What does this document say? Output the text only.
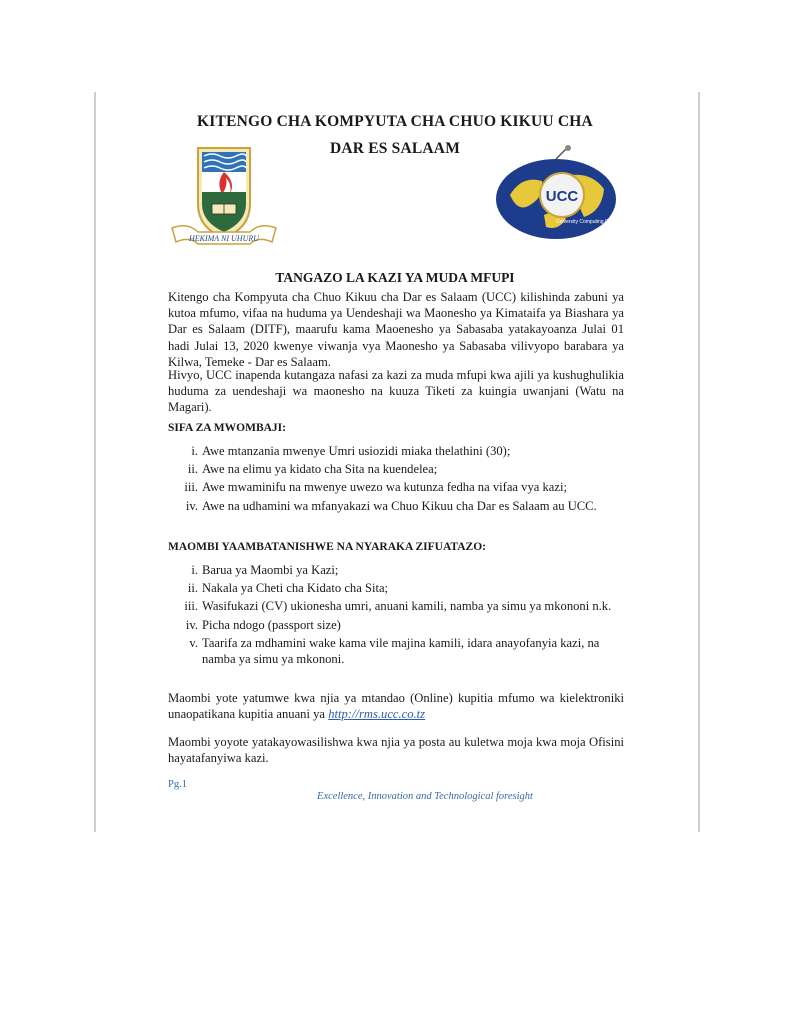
KITENGO CHA KOMPYUTA CHA CHUO KIKUU CHA
DAR ES SALAAM
HEKIMA NI UHURU
UCC
University Computing Centre
TANGAZO LA KAZI YA MUDA MFUPI

Kitengo cha Kompyuta cha Chuo Kikuu cha Dar es Salaam (UCC) kilishinda zabuni ya kutoa mfumo, vifaa na huduma ya Uendeshaji wa Maonesho ya Kimataifa ya Biashara ya Dar es Salaam (DITF), maarufu kama Maoenesho ya Sabasaba yatakayoanza Julai 01 hadi Julai 13, 2020 kwenye viwanja vya Maonesho ya Sabasaba vilivyopo barabara ya Kilwa, Temeke - Dar es Salaam.

Hivyo, UCC inapenda kutangaza nafasi za kazi za muda mfupi kwa ajili ya kushughulikia huduma za uendeshaji wa maonesho na kuuza Tiketi za kuingia uwanjani (Watu na Magari).

SIFA ZA MWOMBAJI:

i. Awe mtanzania mwenye Umri usiozidi miaka thelathini (30);
ii. Awe na elimu ya kidato cha Sita na kuendelea;
iii. Awe mwaminifu na mwenye uwezo wa kutunza fedha na vifaa vya kazi;
iv. Awe na udhamini wa mfanyakazi wa Chuo Kikuu cha Dar es Salaam au UCC.

MAOMBI YAAMBATANISHWE NA NYARAKA ZIFUATAZO:

i. Barua ya Maombi ya Kazi;
ii. Nakala ya Cheti cha Kidato cha Sita;
iii. Wasifukazi (CV) ukionesha umri, anuani kamili, namba ya simu ya mkononi n.k.
iv. Picha ndogo (passport size)
v. Taarifa za mdhamini wake kama vile majina kamili, idara anayofanyia kazi, na namba ya simu ya mkononi.

Maombi yote yatumwe kwa njia ya mtandao (Online) kupitia mfumo wa kielektroniki unaopatikana kupitia anuani ya http://rms.ucc.co.tz

Maombi yoyote yatakayowasilishwa kwa njia ya posta au kuletwa moja kwa moja Ofisini hayatafanyiwa kazi.

Pg.1
Excellence, Innovation and Technological foresight
